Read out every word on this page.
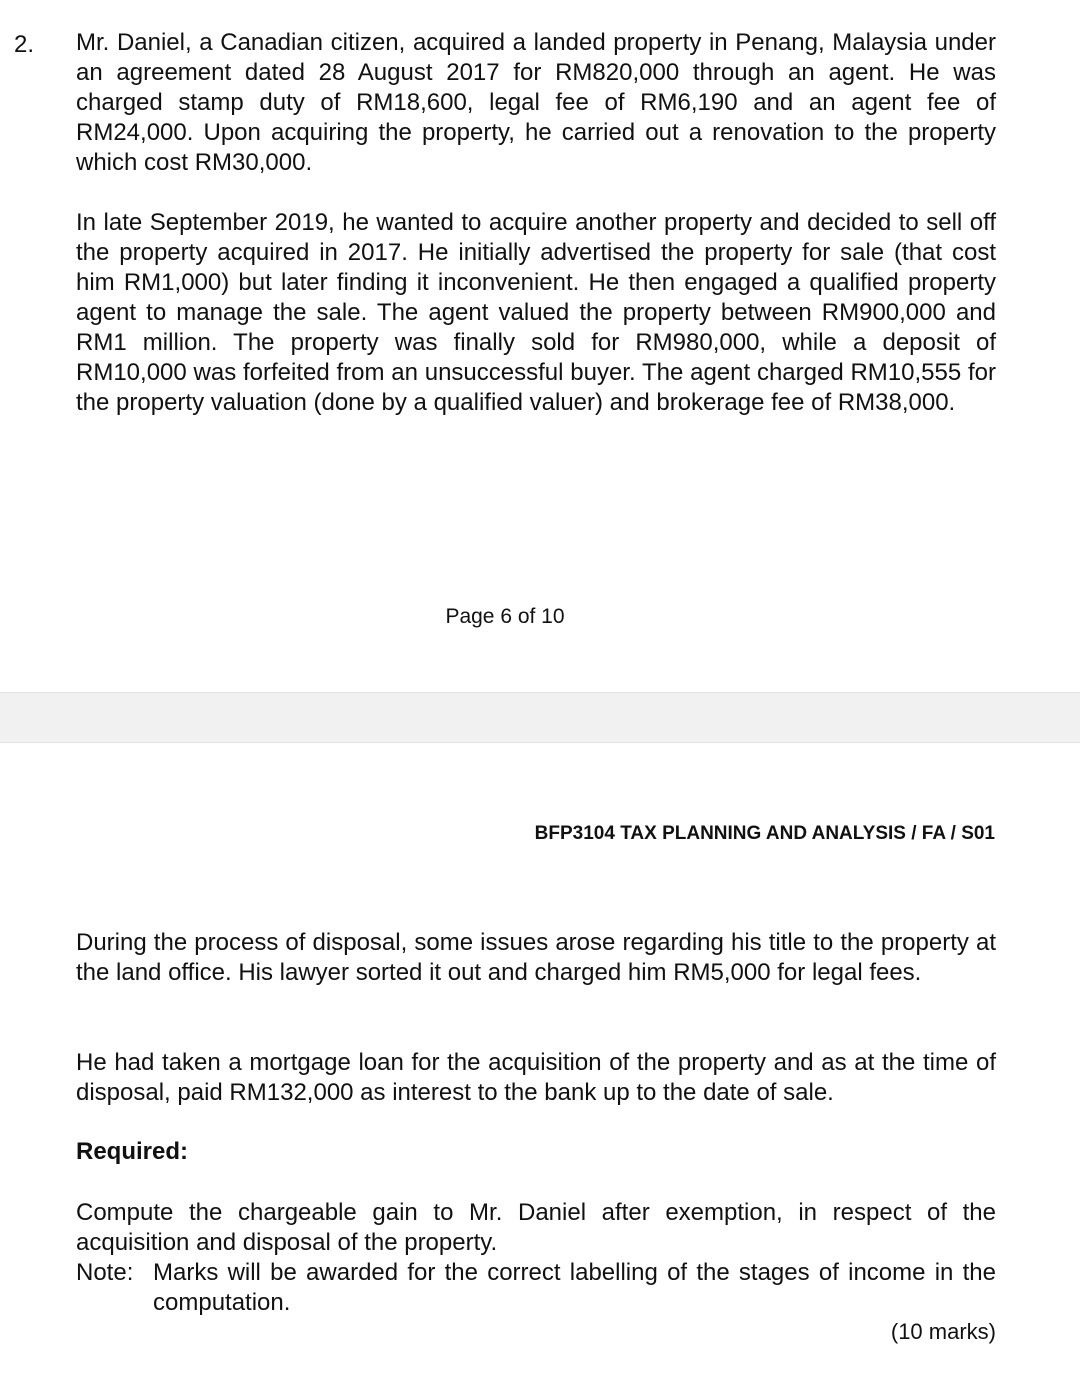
2. Mr. Daniel, a Canadian citizen, acquired a landed property in Penang, Malaysia under an agreement dated 28 August 2017 for RM820,000 through an agent. He was charged stamp duty of RM18,600, legal fee of RM6,190 and an agent fee of RM24,000. Upon acquiring the property, he carried out a renovation to the property which cost RM30,000.

In late September 2019, he wanted to acquire another property and decided to sell off the property acquired in 2017. He initially advertised the property for sale (that cost him RM1,000) but later finding it inconvenient. He then engaged a qualified property agent to manage the sale. The agent valued the property between RM900,000 and RM1 million. The property was finally sold for RM980,000, while a deposit of RM10,000 was forfeited from an unsuccessful buyer. The agent charged RM10,555 for the property valuation (done by a qualified valuer) and brokerage fee of RM38,000.

Page 6 of 10
BFP3104 TAX PLANNING AND ANALYSIS / FA / S01

During the process of disposal, some issues arose regarding his title to the property at the land office. His lawyer sorted it out and charged him RM5,000 for legal fees.

He had taken a mortgage loan for the acquisition of the property and as at the time of disposal, paid RM132,000 as interest to the bank up to the date of sale.

Required:

Compute the chargeable gain to Mr. Daniel after exemption, in respect of the acquisition and disposal of the property.

Note: Marks will be awarded for the correct labelling of the stages of income in the computation.
(10 marks)
